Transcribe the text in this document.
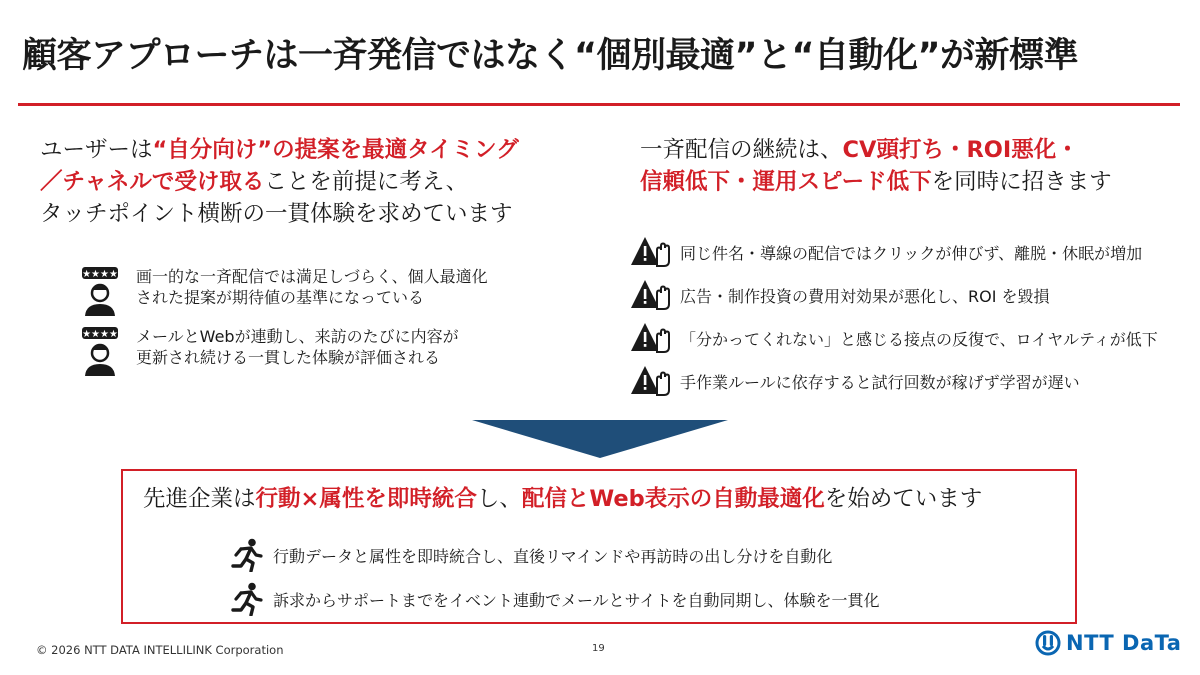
顧客アプローチは一斉発信ではなく“個別最適”と“自動化”が新標準
ユーザーは“自分向け”の提案を最適タイミング
／チャネルで受け取ることを前提に考え、
タッチポイント横断の一貫体験を求めています
★★★★ 画一的な一斉配信では満足しづらく、個人最適化
された提案が期待値の基準になっている
★★★★ メールとWebが連動し、来訪のたびに内容が
更新され続ける一貫した体験が評価される
一斉配信の継続は、CV頭打ち・ROI悪化・
信頼低下・運用スピード低下を同時に招きます
同じ件名・導線の配信ではクリックが伸びず、離脱・休眠が増加
広告・制作投資の費用対効果が悪化し、ROI を毀損
「分かってくれない」と感じる接点の反復で、ロイヤルティが低下
手作業ルールに依存すると試行回数が稼げず学習が遅い
先進企業は行動×属性を即時統合し、配信とWeb表示の自動最適化を始めています
行動データと属性を即時統合し、直後リマインドや再訪時の出し分けを自動化
訴求からサポートまでをイベント連動でメールとサイトを自動同期し、体験を一貫化
© 2026 NTT DATA INTELLILINK Corporation	19	NTT DaTa
